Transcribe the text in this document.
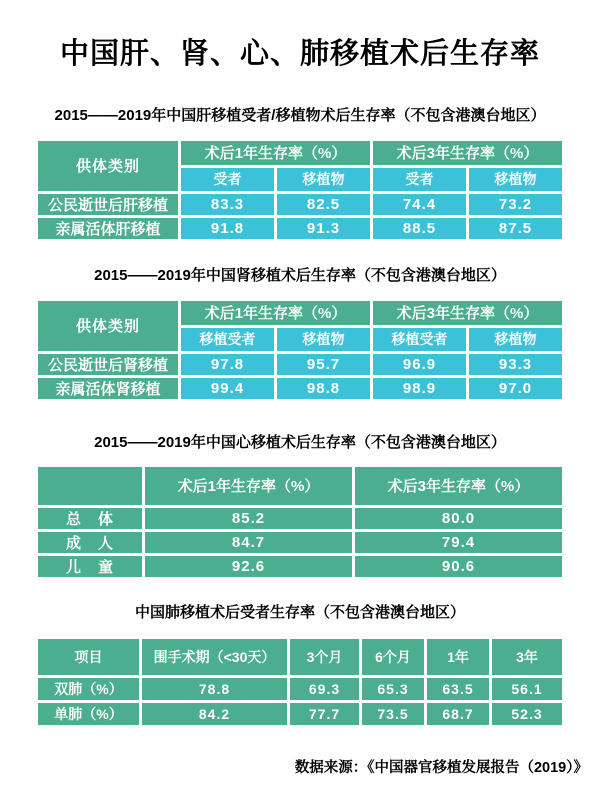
中国肝、肾、心、肺移植术后生存率

2015——2019年中国肝移植受者/移植物术后生存率（不包含港澳台地区）

供体类别	术后1年生存率（%）		术后3年生存率（%）	
	受者	移植物	受者	移植物
公民逝世后肝移植	83.3	82.5	74.4	73.2
亲属活体肝移植	91.8	91.3	88.5	87.5

2015——2019年中国肾移植术后生存率（不包含港澳台地区）

供体类别	术后1年生存率（%）		术后3年生存率（%）	
	移植受者	移植物	移植受者	移植物
公民逝世后肾移植	97.8	95.7	96.9	93.3
亲属活体肾移植	99.4	98.8	98.9	97.0

2015——2019年中国心移植术后生存率（不包含港澳台地区）

	术后1年生存率（%）	术后3年生存率（%）
总　体	85.2	80.0
成　人	84.7	79.4
儿　童	92.6	90.6

中国肺移植术后受者生存率（不包含港澳台地区）

项目	围手术期（<30天）	3个月	6个月	1年	3年
双肺（%）	78.8	69.3	65.3	63.5	56.1
单肺（%）	84.2	77.7	73.5	68.7	52.3

数据来源：《中国器官移植发展报告（2019）》
